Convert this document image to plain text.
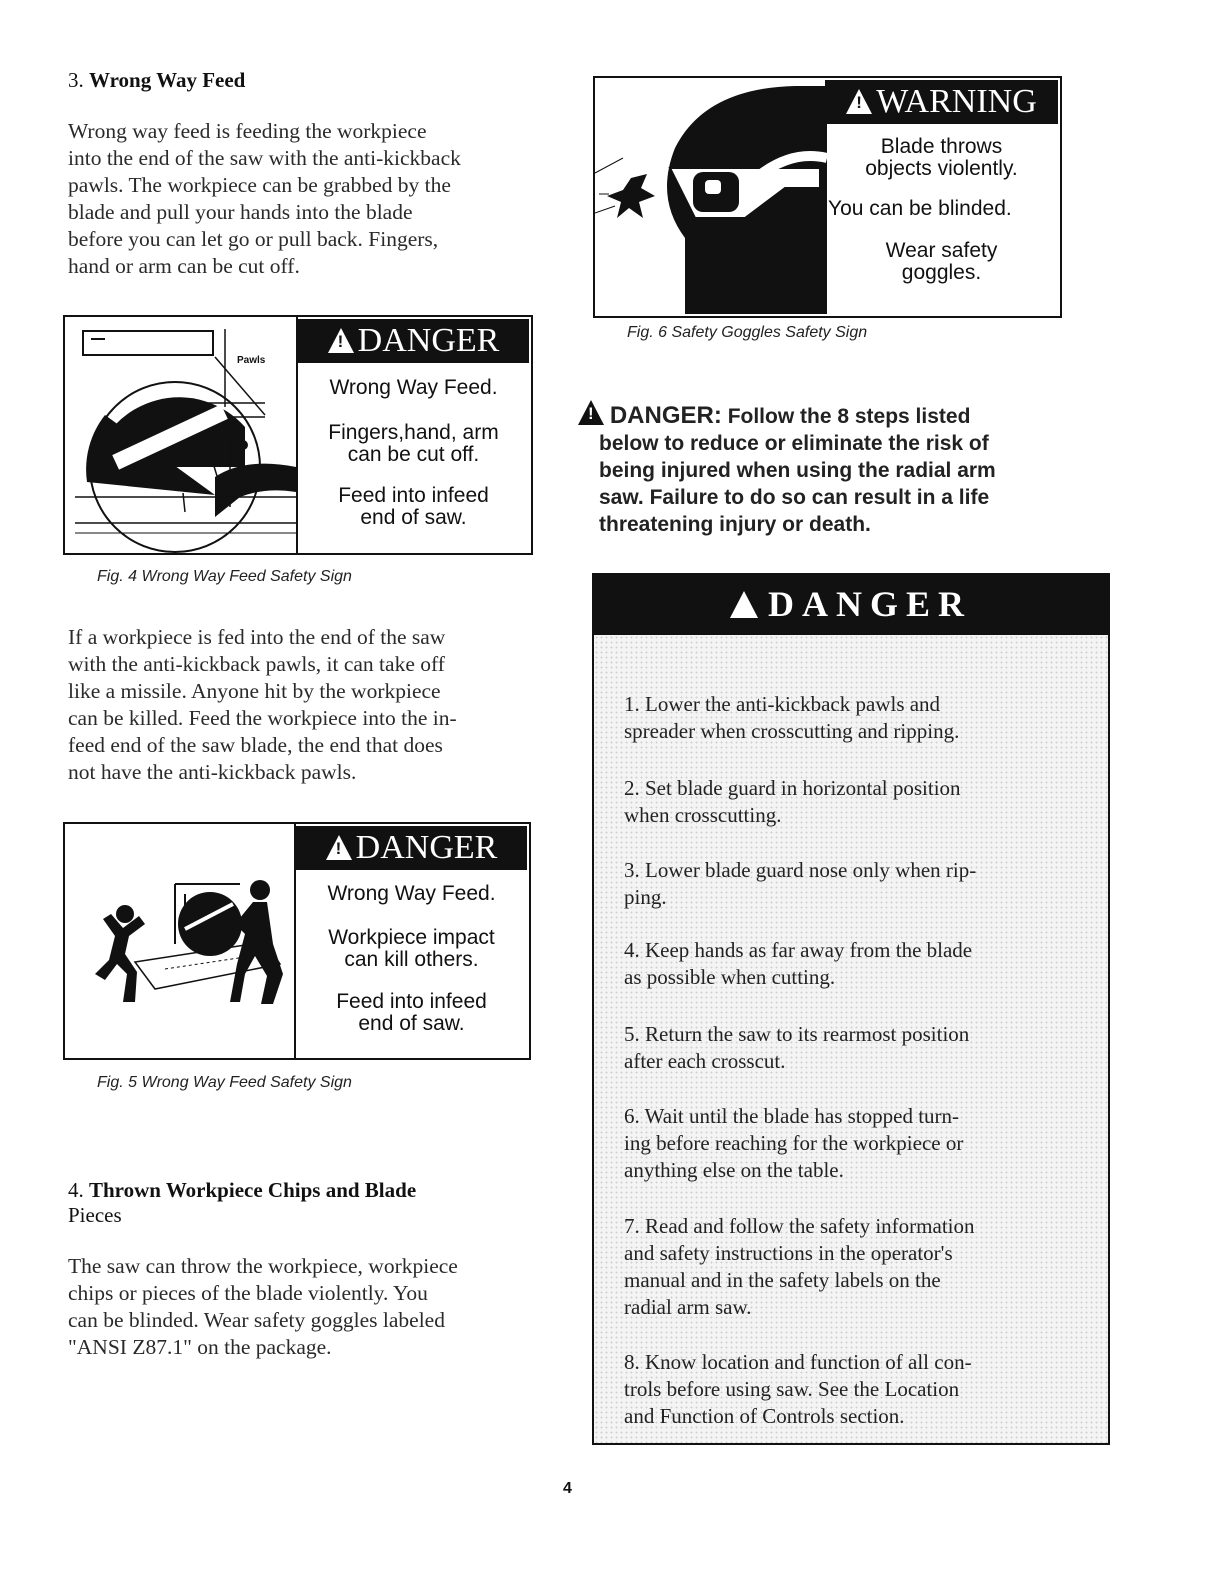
3. Wrong Way Feed
Wrong way feed is feeding the workpiece
into the end of the saw with the anti-kickback
pawls. The workpiece can be grabbed by the
blade and pull your hands into the blade
before you can let go or pull back. Fingers,
hand or arm can be cut off.
Pawls
!DANGER
Wrong Way Feed.
Fingers,hand, arm
can be cut off.
Feed into infeed
end of saw.
Fig. 4 Wrong Way Feed Safety Sign
If a workpiece is fed into the end of the saw
with the anti-kickback pawls, it can take off
like a missile. Anyone hit by the workpiece
can be killed. Feed the workpiece into the in-
feed end of the saw blade, the end that does
not have the anti-kickback pawls.
!DANGER
Wrong Way Feed.
Workpiece impact
can kill others.
Feed into infeed
end of saw.
Fig. 5 Wrong Way Feed Safety Sign
4. Thrown Workpiece Chips and Blade
Pieces
The saw can throw the workpiece, workpiece
chips or pieces of the blade violently. You
can be blinded. Wear safety goggles labeled
"ANSI Z87.1" on the package.
!WARNING
Blade throws
objects violently.
You can be blinded.
Wear safety
goggles.
Fig. 6 Safety Goggles Safety Sign
! DANGER: Follow the 8 steps listed
below to reduce or eliminate the risk of
being injured when using the radial arm
saw. Failure to do so can result in a life
threatening injury or death.
DANGER
1. Lower the anti-kickback pawls and
spreader when crosscutting and ripping.
2. Set blade guard in horizontal position
when crosscutting.
3. Lower blade guard nose only when rip-
ping.
4. Keep hands as far away from the blade
as possible when cutting.
5. Return the saw to its rearmost position
after each crosscut.
6. Wait until the blade has stopped turn-
ing before reaching for the workpiece or
anything else on the table.
7. Read and follow the safety information
and safety instructions in the operator's
manual and in the safety labels on the
radial arm saw.
8. Know location and function of all con-
trols before using saw. See the Location
and Function of Controls section.
4
